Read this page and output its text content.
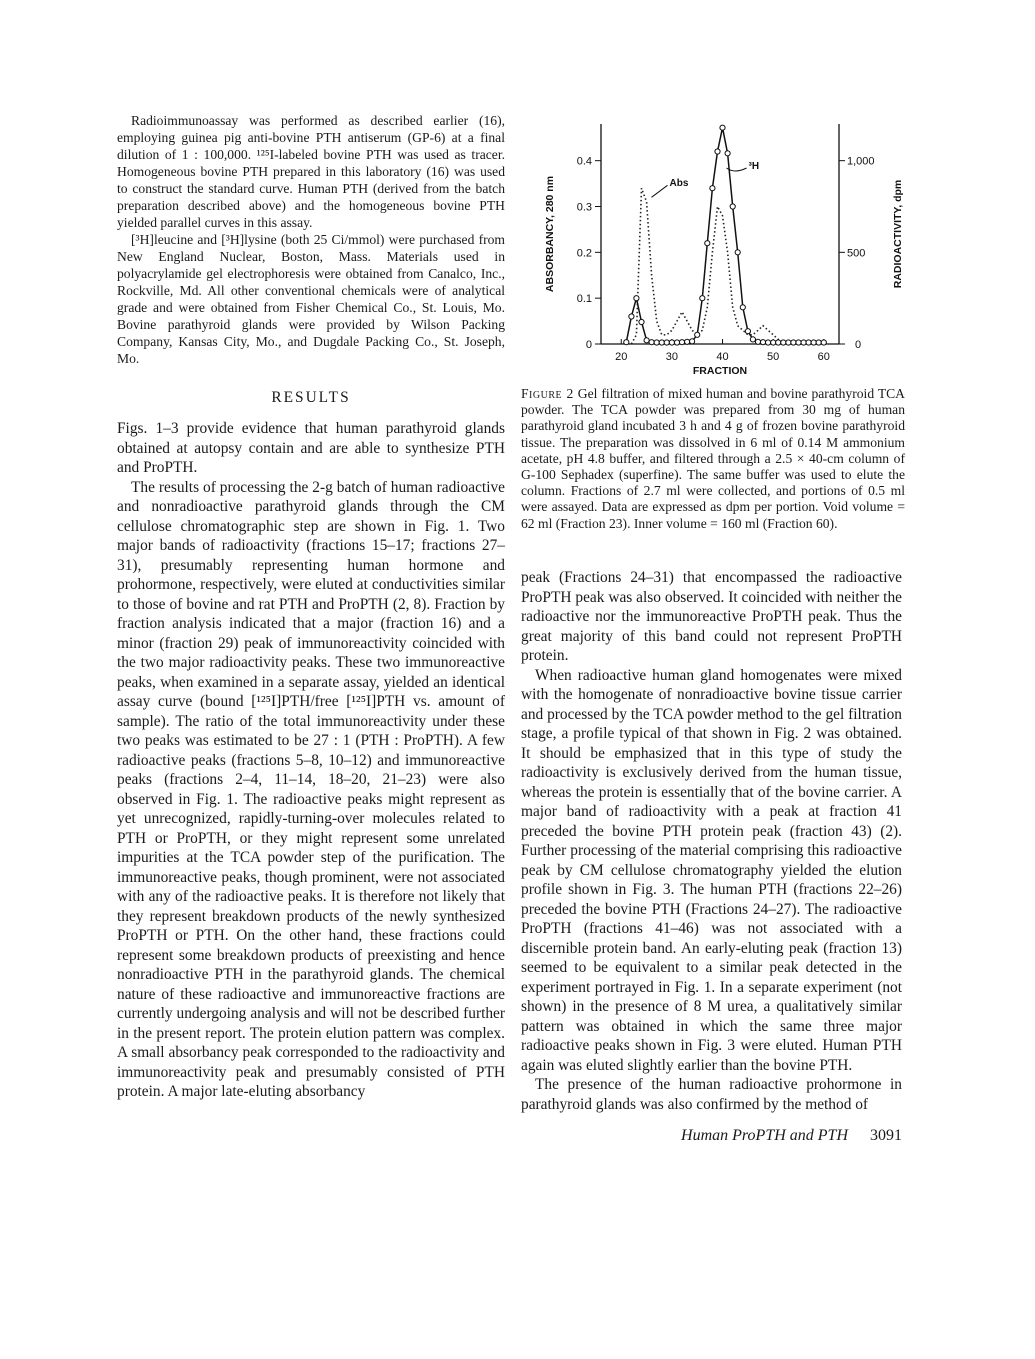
Radioimmunoassay was performed as described earlier (16), employing guinea pig anti-bovine PTH antiserum (GP-6) at a final dilution of 1 : 100,000. ¹²⁵I-labeled bovine PTH was used as tracer. Homogeneous bovine PTH prepared in this laboratory (16) was used to construct the standard curve. Human PTH (derived from the batch preparation described above) and the homogeneous bovine PTH yielded parallel curves in this assay.

[³H]leucine and [³H]lysine (both 25 Ci/mmol) were purchased from New England Nuclear, Boston, Mass. Materials used in polyacrylamide gel electrophoresis were obtained from Canalco, Inc., Rockville, Md. All other conventional chemicals were of analytical grade and were obtained from Fisher Chemical Co., St. Louis, Mo. Bovine parathyroid glands were provided by Wilson Packing Company, Kansas City, Mo., and Dugdale Packing Co., St. Joseph, Mo.

RESULTS

Figs. 1–3 provide evidence that human parathyroid glands obtained at autopsy contain and are able to synthesize PTH and ProPTH.

The results of processing the 2-g batch of human radioactive and nonradioactive parathyroid glands through the CM cellulose chromatographic step are shown in Fig. 1. Two major bands of radioactivity (fractions 15–17; fractions 27–31), presumably representing human hormone and prohormone, respectively, were eluted at conductivities similar to those of bovine and rat PTH and ProPTH (2, 8). Fraction by fraction analysis indicated that a major (fraction 16) and a minor (fraction 29) peak of immunoreactivity coincided with the two major radioactivity peaks. These two immunoreactive peaks, when examined in a separate assay, yielded an identical assay curve (bound [¹²⁵I]PTH/free [¹²⁵I]PTH vs. amount of sample). The ratio of the total immunoreactivity under these two peaks was estimated to be 27 : 1 (PTH : ProPTH). A few radioactive peaks (fractions 5–8, 10–12) and immunoreactive peaks (fractions 2–4, 11–14, 18–20, 21–23) were also observed in Fig. 1. The radioactive peaks might represent as yet unrecognized, rapidly-turning-over molecules related to PTH or ProPTH, or they might represent some unrelated impurities at the TCA powder step of the purification. The immunoreactive peaks, though prominent, were not associated with any of the radioactive peaks. It is therefore not likely that they represent breakdown products of the newly synthesized ProPTH or PTH. On the other hand, these fractions could represent some breakdown products of preexisting and hence nonradioactive PTH in the parathyroid glands. The chemical nature of these radioactive and immunoreactive fractions are currently undergoing analysis and will not be described further in the present report. The protein elution pattern was complex. A small absorbancy peak corresponded to the radioactivity and immunoreactivity peak and presumably consisted of PTH protein. A major late-eluting absorbancy

20	30	40	50	60
0
0.1
0.2
0.3
0.4
0
500
1,000
FRACTION
ABSORBANCY, 280 nm	RADIOACTIVITY, dpm
³H
Abs
Figure 2 Gel filtration of mixed human and bovine parathyroid TCA powder. The TCA powder was prepared from 30 mg of human parathyroid gland incubated 3 h and 4 g of frozen bovine parathyroid tissue. The preparation was dissolved in 6 ml of 0.14 M ammonium acetate, pH 4.8 buffer, and filtered through a 2.5 × 40-cm column of G-100 Sephadex (superfine). The same buffer was used to elute the column. Fractions of 2.7 ml were collected, and portions of 0.5 ml were assayed. Data are expressed as dpm per portion. Void volume = 62 ml (Fraction 23). Inner volume = 160 ml (Fraction 60).

peak (Fractions 24–31) that encompassed the radioactive ProPTH peak was also observed. It coincided with neither the radioactive nor the immunoreactive ProPTH peak. Thus the great majority of this band could not represent ProPTH protein.

When radioactive human gland homogenates were mixed with the homogenate of nonradioactive bovine tissue carrier and processed by the TCA powder method to the gel filtration stage, a profile typical of that shown in Fig. 2 was obtained. It should be emphasized that in this type of study the radioactivity is exclusively derived from the human tissue, whereas the protein is essentially that of the bovine carrier. A major band of radioactivity with a peak at fraction 41 preceded the bovine PTH protein peak (fraction 43) (2). Further processing of the material comprising this radioactive peak by CM cellulose chromatography yielded the elution profile shown in Fig. 3. The human PTH (fractions 22–26) preceded the bovine PTH (Fractions 24–27). The radioactive ProPTH (fractions 41–46) was not associated with a discernible protein band. An early-eluting peak (fraction 13) seemed to be equivalent to a similar peak detected in the experiment portrayed in Fig. 1. In a separate experiment (not shown) in the presence of 8 M urea, a qualitatively similar pattern was obtained in which the same three major radioactive peaks shown in Fig. 3 were eluted. Human PTH again was eluted slightly earlier than the bovine PTH.

The presence of the human radioactive prohormone in parathyroid glands was also confirmed by the method of

Human ProPTH and PTH 3091
